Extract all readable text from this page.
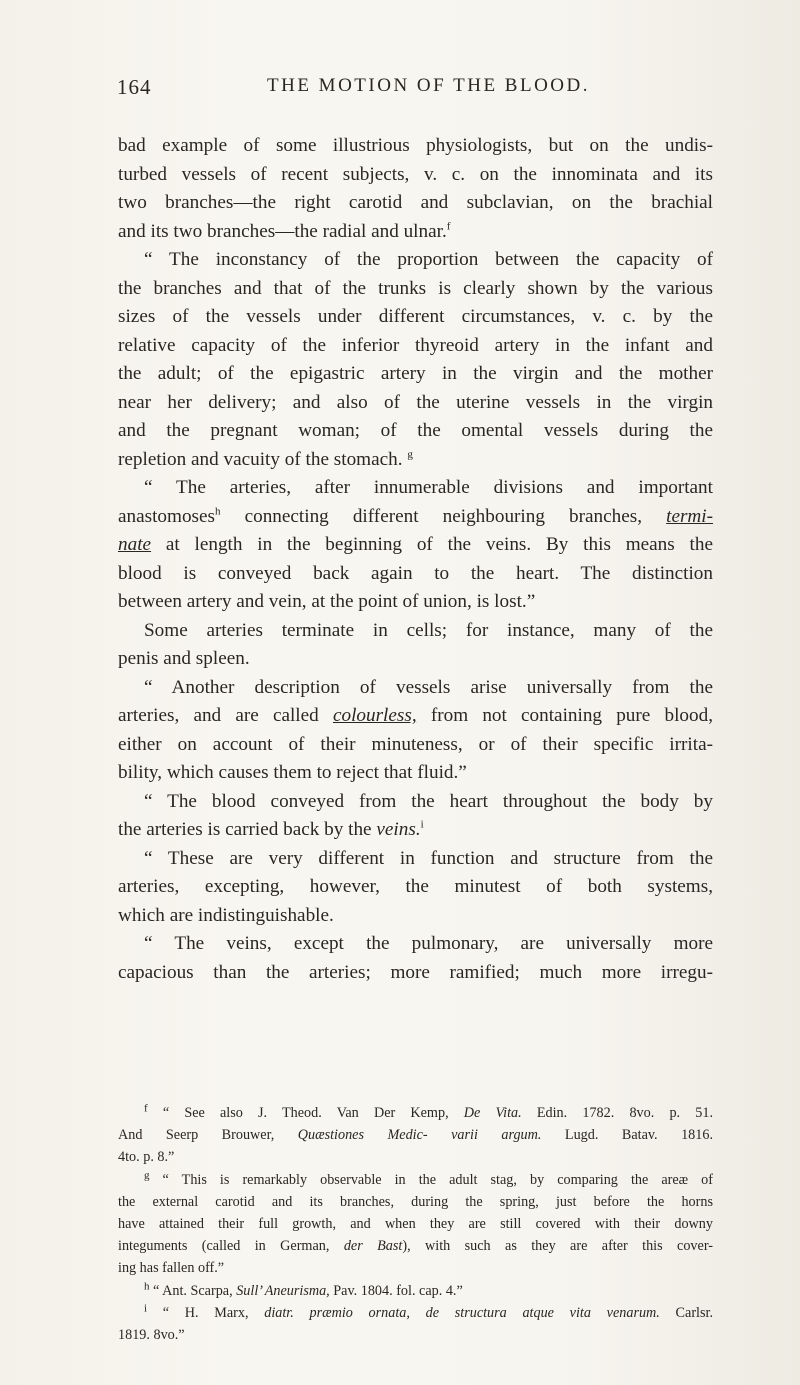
164	THE MOTION OF THE BLOOD.

bad example of some illustrious physiologists, but on the undis-

turbed vessels of recent subjects, v. c. on the innominata and its

two branches—the right carotid and subclavian, on the brachial

and its two branches—the radial and ulnar.$^f$

“ The inconstancy of the proportion between the capacity of

the branches and that of the trunks is clearly shown by the various

sizes of the vessels under different circumstances, v. c. by the

relative capacity of the inferior thyreoid artery in the infant and

the adult; of the epigastric artery in the virgin and the mother

near her delivery; and also of the uterine vessels in the virgin

and the pregnant woman; of the omental vessels during the

repletion and vacuity of the stomach. $^g$

“ The arteries, after innumerable divisions and important

anastomoses$^h$ connecting different neighbouring branches, termi-

nate at length in the beginning of the veins. By this means the

blood is conveyed back again to the heart. The distinction

between artery and vein, at the point of union, is lost.”

Some arteries terminate in cells; for instance, many of the

penis and spleen.

“ Another description of vessels arise universally from the

arteries, and are called colourless, from not containing pure blood,

either on account of their minuteness, or of their specific irrita-

bility, which causes them to reject that fluid.”

“ The blood conveyed from the heart throughout the body by

the arteries is carried back by the veins.$^i$

“ These are very different in function and structure from the

arteries, excepting, however, the minutest of both systems,

which are indistinguishable.

“ The veins, except the pulmonary, are universally more

capacious than the arteries; more ramified; much more irregu-

$^f$ “ See also J. Theod. Van Der Kemp, De Vita. Edin. 1782. 8vo. p. 51.

And Seerp Brouwer, Quæstiones Medic- varii argum. Lugd. Batav. 1816.

4to. p. 8.”

$^g$ “ This is remarkably observable in the adult stag, by comparing the areæ of

the external carotid and its branches, during the spring, just before the horns

have attained their full growth, and when they are still covered with their downy

integuments (called in German, der Bast), with such as they are after this cover-

ing has fallen off.”

$^h$ “ Ant. Scarpa, Sull’ Aneurisma, Pav. 1804. fol. cap. 4.”

$^i$ “ H. Marx, diatr. præmio ornata, de structura atque vita venarum. Carlsr.

1819. 8vo.”
